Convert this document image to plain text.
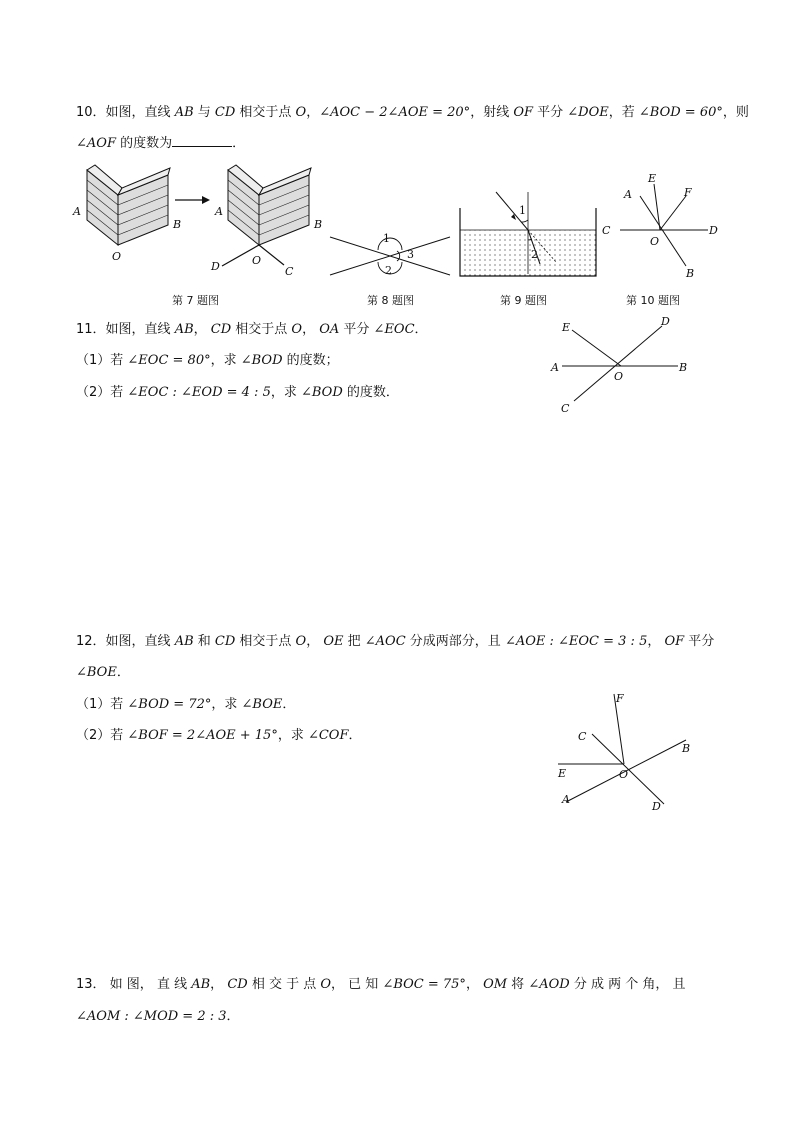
10．如图，直线 AB 与 CD 相交于点 O，∠AOC − 2∠AOE = 20°，射线 OF 平分 ∠DOE，若 ∠BOD = 60°，则
∠AOF 的度数为	．
A
B
O
A
B
D	O
C
第 7 题图
1
3
2
第 8 题图
1
2
第 9 题图
A
E
F
C
O
D
B
第 10 题图
11．如图，直线 AB， CD 相交于点 O， OA 平分 ∠EOC．
（1）若 ∠EOC = 80°，求 ∠BOD 的度数；
（2）若 ∠EOC : ∠EOD = 4 : 5，求 ∠BOD 的度数．
E	D
A
O
B
C
12．如图，直线 AB 和 CD 相交于点 O， OE 把 ∠AOC 分成两部分，且 ∠AOE : ∠EOC = 3 : 5， OF 平分
∠BOE．
（1）若 ∠BOD = 72°，求 ∠BOE．
（2）若 ∠BOF = 2∠AOE + 15°，求 ∠COF．
F
C
B
E	O
A
D
13． 如 图， 直 线 AB， CD 相 交 于 点 O， 已 知 ∠BOC = 75°， OM 将 ∠AOD 分 成 两 个 角， 且
∠AOM : ∠MOD = 2 : 3．
